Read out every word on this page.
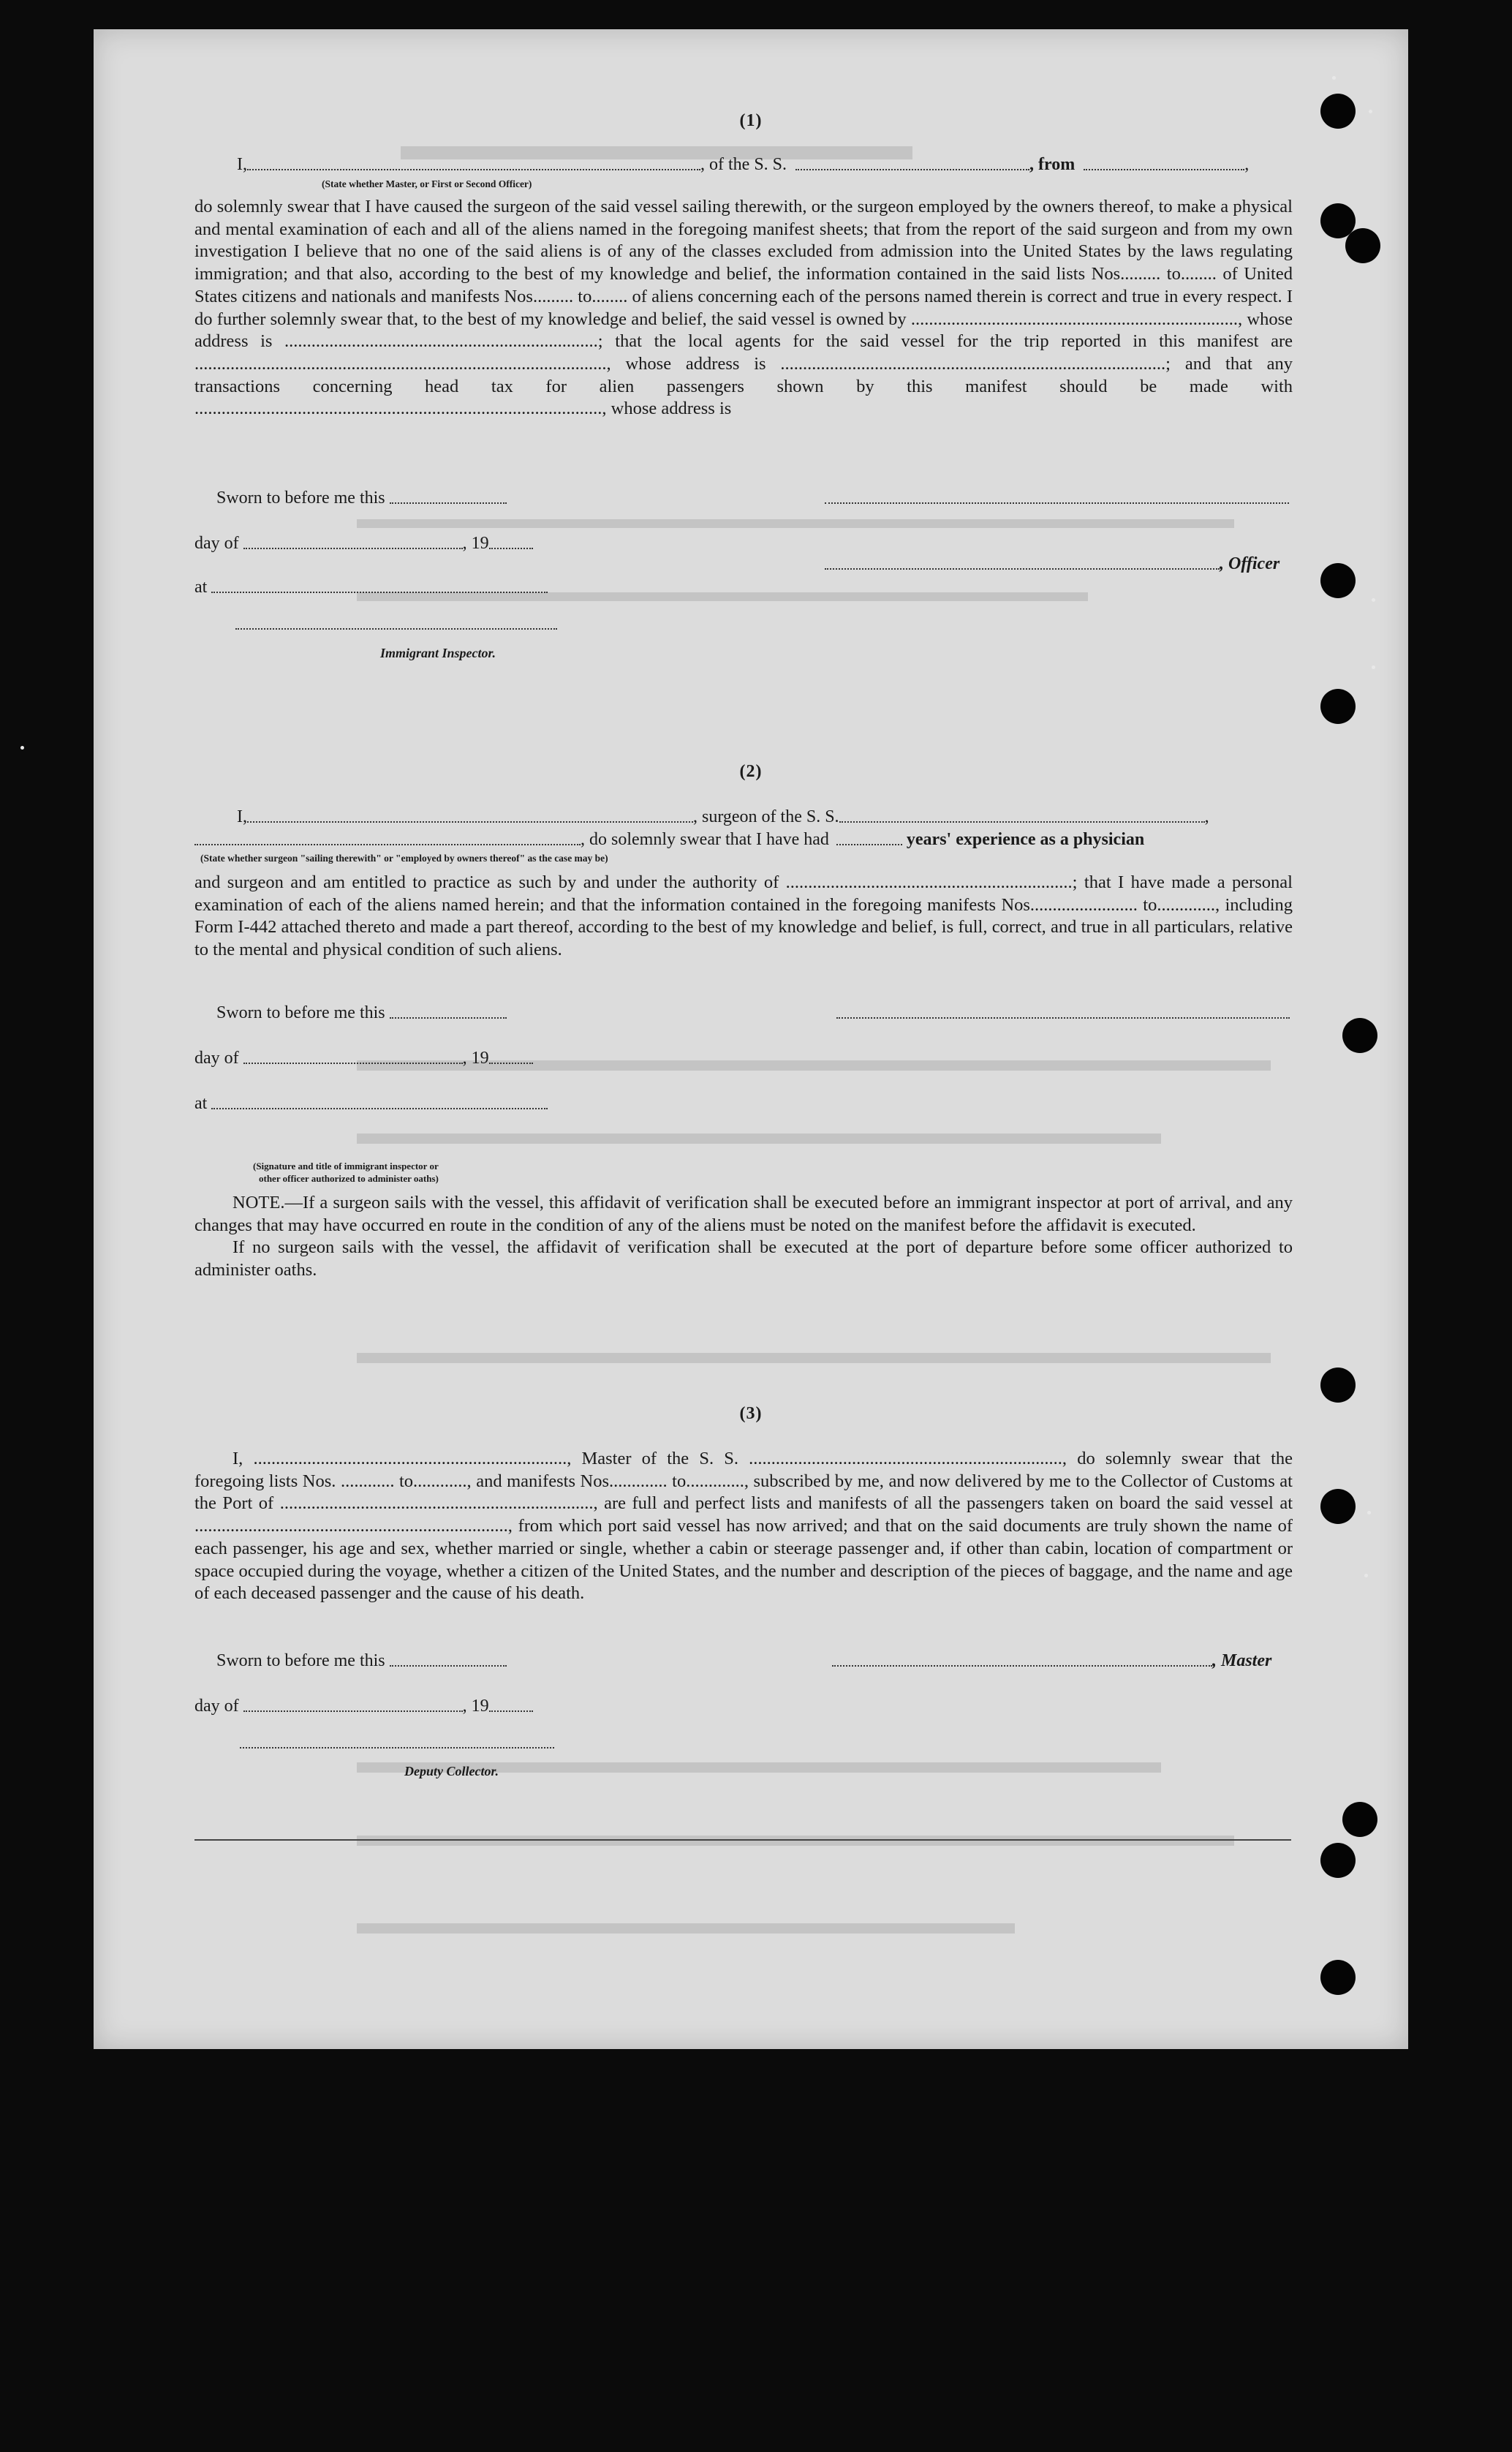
(1)
I,	, of the S. S.	, from	,
(State whether Master, or First or Second Officer)

do solemnly swear that I have caused the surgeon of the said vessel sailing therewith, or the surgeon employed by the owners thereof, to make a physical and mental examination of each and all of the aliens named in the foregoing manifest sheets; that from the report of the said surgeon and from my own investigation I believe that no one of the said aliens is of any of the classes excluded from admission into the United States by the laws regulating immigration; and that also, according to the best of my knowledge and belief, the information contained in the said lists Nos......... to........ of United States citizens and nationals and manifests Nos......... to........ of aliens concerning each of the persons named therein is correct and true in every respect. I do further solemnly swear that, to the best of my knowledge and belief, the said vessel is owned by ........................................................................., whose address is ......................................................................; that the local agents for the said vessel for the trip reported in this manifest are ............................................................................................, whose address is ......................................................................................; and that any transactions concerning head tax for alien passengers shown by this manifest should be made with ..........................................................................................., whose address is

Sworn to before me this
day of	, 19
, Officer
at
Immigrant Inspector.
(2)
I,	, surgeon of the S. S.	,
, do solemnly swear that I have had	years' experience as a physician
(State whether surgeon "sailing therewith" or "employed by owners thereof" as the case may be)

and surgeon and am entitled to practice as such by and under the authority of ................................................................; that I have made a personal examination of each of the aliens named herein; and that the information contained in the foregoing manifests Nos........................ to............., including Form I-442 attached thereto and made a part thereof, according to the best of my knowledge and belief, is full, correct, and true in all particulars, relative to the mental and physical condition of such aliens.

Sworn to before me this
day of	, 19
at
(Signature and title of immigrant inspector or
other officer authorized to administer oaths)

NOTE.—If a surgeon sails with the vessel, this affidavit of verification shall be executed before an immigrant inspector at port of arrival, and any changes that may have occurred en route in the condition of any of the aliens must be noted on the manifest before the affidavit is executed.

If no surgeon sails with the vessel, the affidavit of verification shall be executed at the port of departure before some officer authorized to administer oaths.

(3)

I, ......................................................................, Master of the S. S. ......................................................................, do solemnly swear that the foregoing lists Nos. ............ to............, and manifests Nos............. to............., subscribed by me, and now delivered by me to the Collector of Customs at the Port of ......................................................................, are full and perfect lists and manifests of all the passengers taken on board the said vessel at ......................................................................, from which port said vessel has now arrived; and that on the said documents are truly shown the name of each passenger, his age and sex, whether married or single, whether a cabin or steerage passenger and, if other than cabin, location of compartment or space occupied during the voyage, whether a citizen of the United States, and the number and description of the pieces of baggage, and the name and age of each deceased passenger and the cause of his death.

Sworn to before me this	, Master
day of	, 19
Deputy Collector.
